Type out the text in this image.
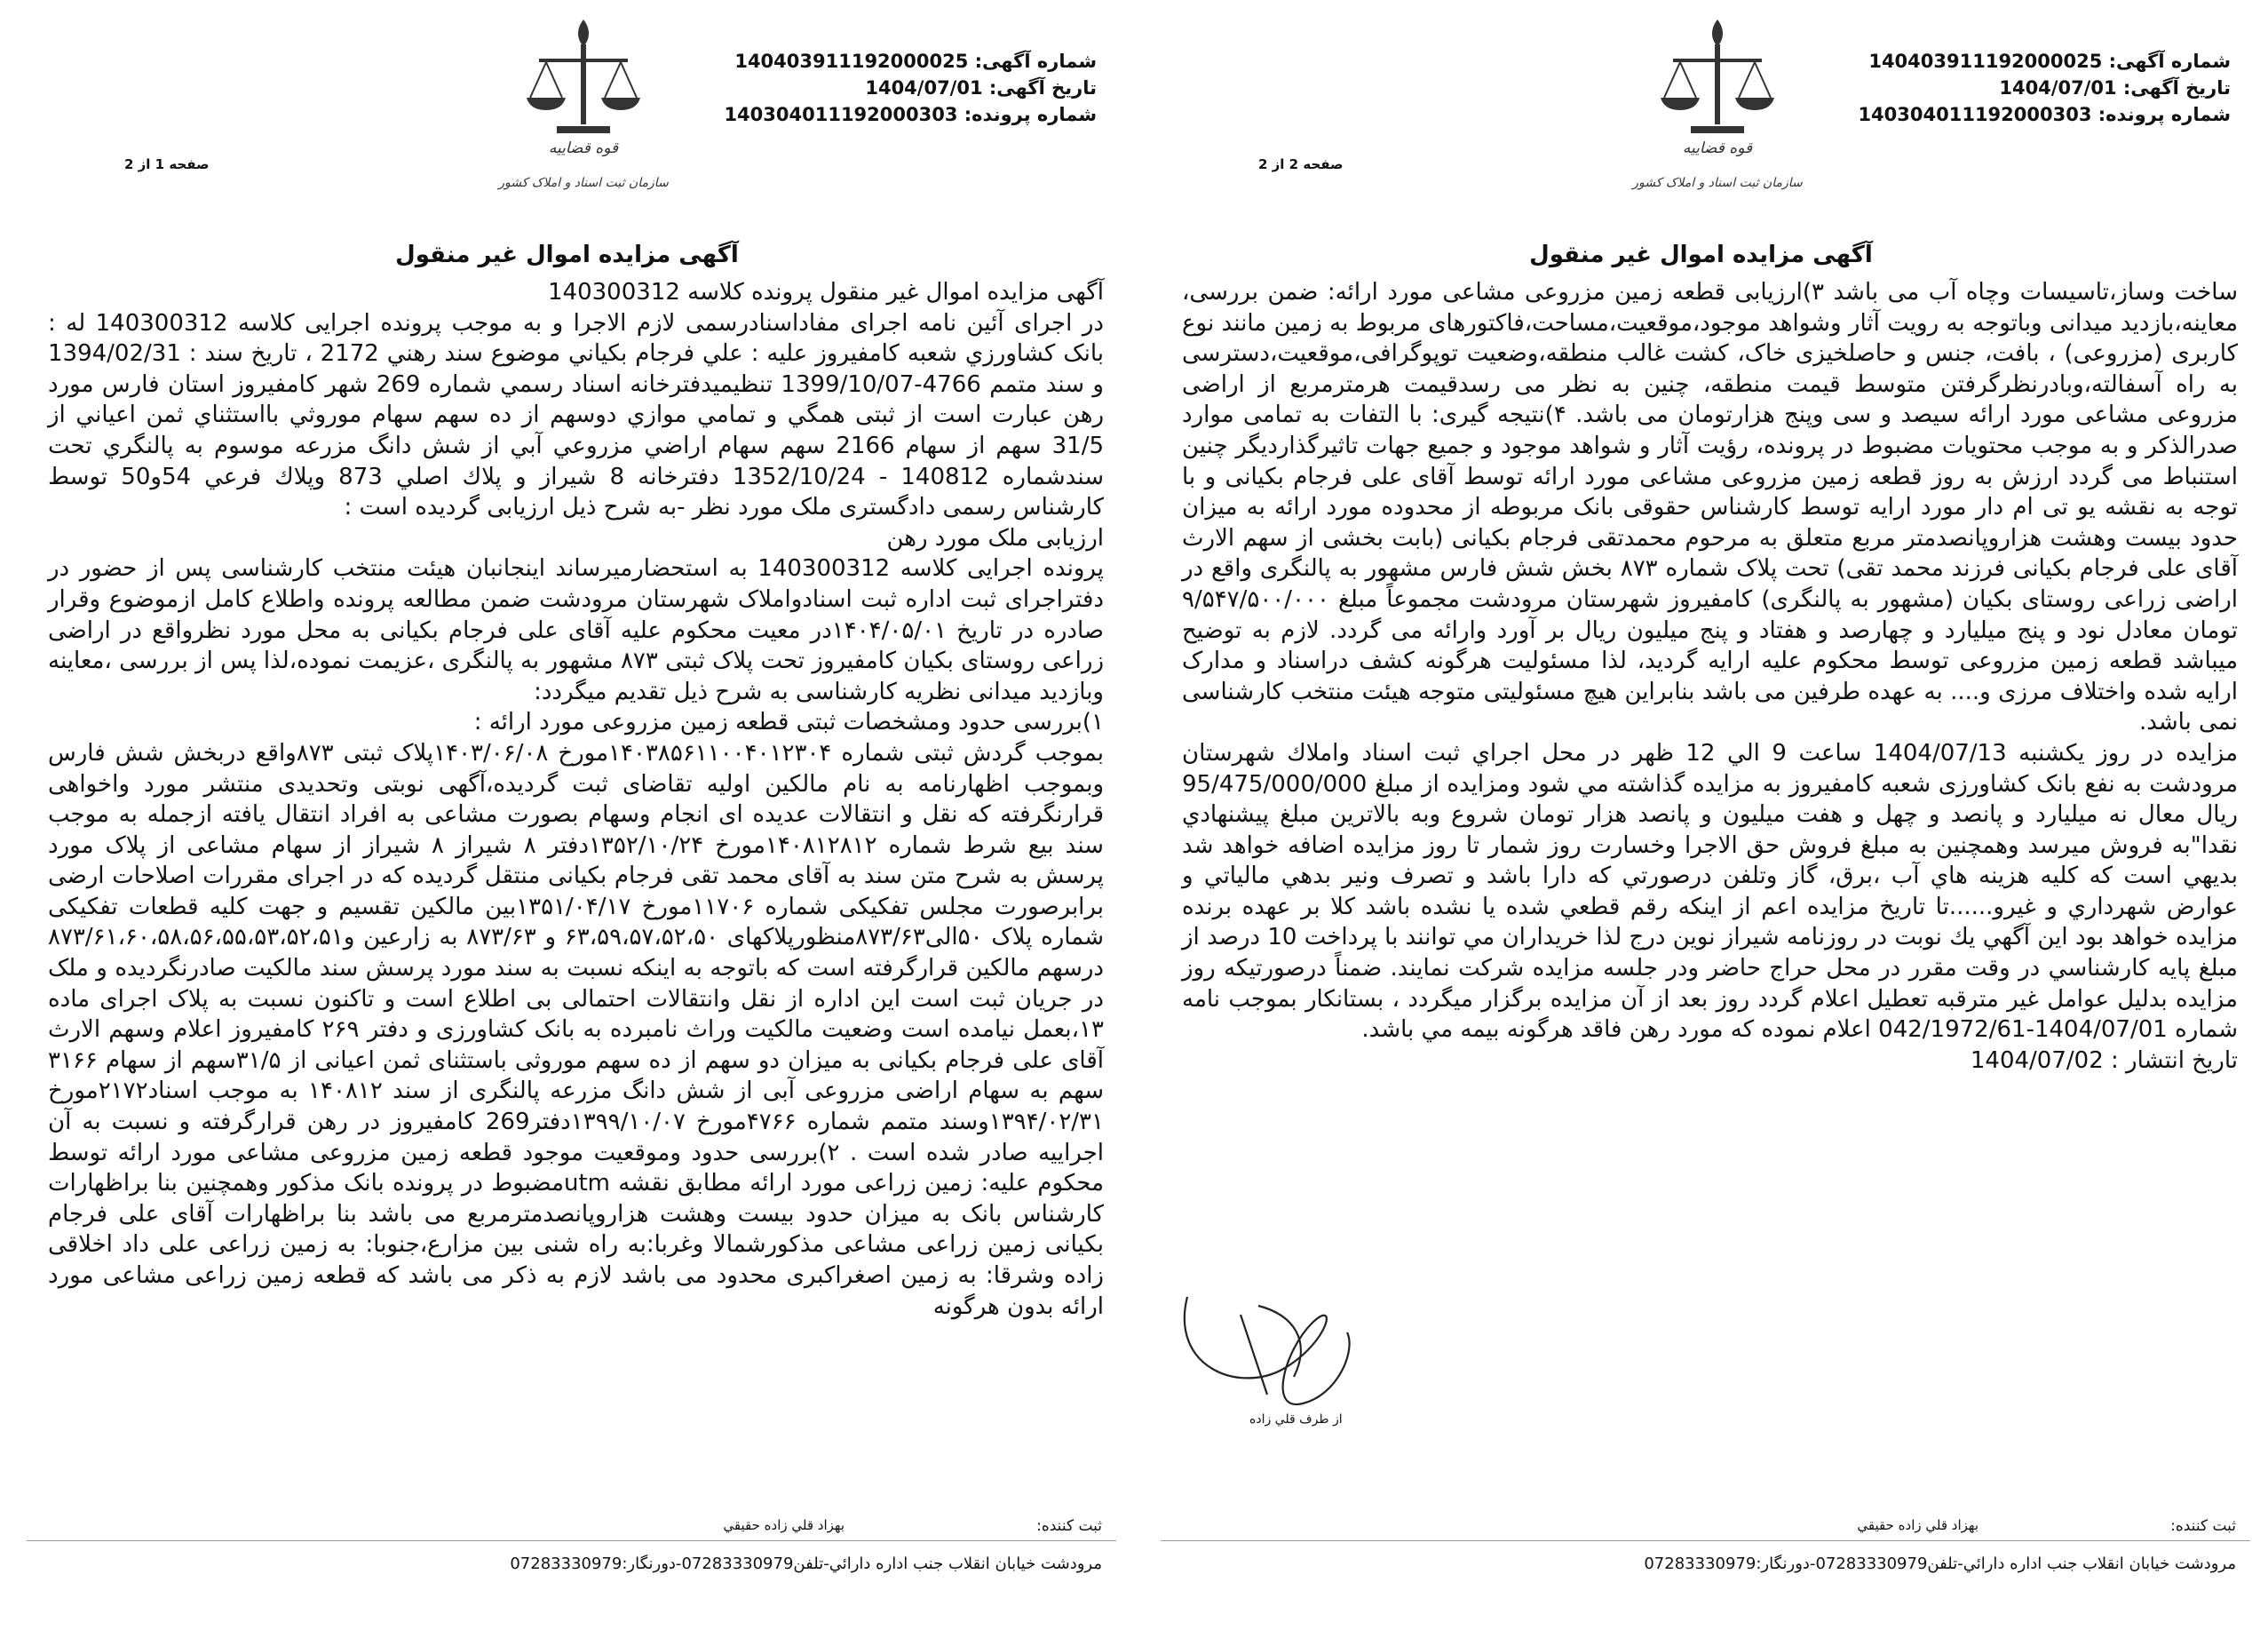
شماره آگهی: 140403911192000025
تاریخ آگهی: 1404/07/01
شماره پرونده: 140304011192000303
قوه قضاییه
سازمان ثبت اسناد و املاک کشور
صفحه 1 از 2
آگهی مزایده اموال غیر منقول

آگهی مزایده اموال غیر منقول پرونده کلاسه 140300312

در اجرای آئین نامه اجرای مفاداسنادرسمی لازم الاجرا و به موجب پرونده اجرایی کلاسه 140300312 له : بانک کشاورزي شعبه کامفیروز علیه : علي فرجام بکياني موضوع سند رهني 2172 ، تاریخ سند : 1394/02/31 و سند متمم 4766-1399/10/07 تنظیمیدفترخانه اسناد رسمي شماره 269 شهر کامفیروز استان فارس مورد رهن عبارت است از ثبتی همگي و تمامي موازي دوسهم از ده سهم سهام موروثي بااستثناي ثمن اعياني از 31/5 سهم از سهام 2166 سهم سهام اراضي مزروعي آبي از شش دانگ مزرعه موسوم به پالنگري تحت سندشماره 140812 - 1352/10/24 دفترخانه 8 شیراز و پلاك اصلي 873 وپلاك فرعي 54و50 توسط کارشناس رسمی دادگستری ملک مورد نظر -به شرح ذیل ارزیابی گردیده است :

ارزيابی ملک مورد رهن

پرونده اجرایی کلاسه 140300312 به استحضارمیرساند اینجانبان هیئت منتخب کارشناسی پس از حضور در دفتراجرای ثبت اداره ثبت اسنادواملاک شهرستان مرودشت ضمن مطالعه پرونده واطلاع کامل ازموضوع وقرار صادره در تاریخ ۱۴۰۴/۰۵/۰۱در معیت محکوم علیه آقای علی فرجام بکیانی به محل مورد نظرواقع در اراضی زراعی روستای بکیان کامفیروز تحت پلاک ثبتی ۸۷۳ مشهور به پالنگری ،عزیمت نموده،لذا پس از بررسی ،معاینه وبازدید میدانی نظریه کارشناسی به شرح ذیل تقدیم میگردد:

۱)بررسی حدود ومشخصات ثبتی قطعه زمین مزروعی مورد ارائه :

بموجب گردش ثبتی شماره ۱۴۰۳۸۵۶۱۱۰۰۴۰۱۲۳۰۴مورخ ۱۴۰۳/۰۶/۰۸پلاک ثبتی ۸۷۳واقع دربخش شش فارس وبموجب اظهارنامه به نام مالکین اولیه تقاضای ثبت گردیده،آگهی نوبتی وتحدیدی منتشر مورد واخواهی قرارنگرفته که نقل و انتقالات عدیده ای انجام وسهام بصورت مشاعی به افراد انتقال یافته ازجمله به موجب سند بیع شرط شماره ۱۴۰۸۱۲۸۱۲مورخ ۱۳۵۲/۱۰/۲۴دفتر ۸ شیراز ۸ شیراز از سهام مشاعی از پلاک مورد پرسش به شرح متن سند به آقای محمد تقی فرجام بکیانی منتقل گردیده که در اجرای مقررات اصلاحات ارضی برابرصورت مجلس تفکیکی شماره ۱۱۷۰۶مورخ ۱۳۵۱/۰۴/۱۷بین مالکین تقسیم و جهت کلیه قطعات تفکیکی شماره پلاک ۵۰الی۸۷۳/۶۳منظورپلاکهای ۶۳،۵۹،۵۷،۵۲،۵۰ و ۸۷۳/۶۳ به زارعین و۸۷۳/۶۱،۶۰،۵۸،۵۶،۵۵،۵۳،۵۲،۵۱ درسهم مالکین قرارگرفته است که باتوجه به اینکه نسبت به سند مورد پرسش سند مالکیت صادرنگردیده و ملک در جریان ثبت است این اداره از نقل وانتقالات احتمالی بی اطلاع است و تاکنون نسبت به پلاک اجرای ماده ۱۳،بعمل نیامده است وضعیت مالکیت وراث نامبرده به بانک کشاورزی و دفتر ۲۶۹ کامفیروز اعلام وسهم الارث آقای علی فرجام بکیانی به میزان دو سهم از ده سهم موروثی باستثنای ثمن اعیانی از ۳۱/۵سهم از سهام ۳۱۶۶ سهم به سهام اراضی مزروعی آبی از شش دانگ مزرعه پالنگری از سند ۱۴۰۸۱۲ به موجب اسناد۲۱۷۲مورخ ۱۳۹۴/۰۲/۳۱وسند متمم شماره ۴۷۶۶مورخ ۱۳۹۹/۱۰/۰۷دفتر269 کامفیروز در رهن قرارگرفته و نسبت به آن اجراییه صادر شده است . ۲)بررسی حدود وموقعیت موجود قطعه زمین مزروعی مشاعی مورد ارائه توسط محکوم علیه: زمین زراعی مورد ارائه مطابق نقشه utmمضبوط در پرونده بانک مذکور وهمچنین بنا براظهارات کارشناس بانک به میزان حدود بیست وهشت هزاروپانصدمترمربع می باشد بنا براظهارات آقای علی فرجام بکیانی زمین زراعی مشاعی مذکورشمالا وغربا:به راه شنی بین مزارع،جنوبا: به زمین زراعی علی داد اخلاقی زاده وشرقا: به زمین اصغراکبری محدود می باشد لازم به ذکر می باشد که قطعه زمین زراعی مشاعی مورد ارائه بدون هرگونه

ثبت کننده:
بهزاد قلي زاده حقيقي
مرودشت خيابان انقلاب جنب اداره دارائي-تلفن07283330979-دورنگار:07283330979
شماره آگهی: 140403911192000025
تاریخ آگهی: 1404/07/01
شماره پرونده: 140304011192000303
قوه قضاییه
سازمان ثبت اسناد و املاک کشور
صفحه 2 از 2
آگهی مزایده اموال غیر منقول

ساخت وساز،تاسیسات وچاه آب می باشد ۳)ارزیابی قطعه زمین مزروعی مشاعی مورد ارائه: ضمن بررسی، معاینه،بازدید میدانی وباتوجه به رویت آثار وشواهد موجود،موقعیت،مساحت،فاکتورهای مربوط به زمین مانند نوع کاربری (مزروعی) ، بافت، جنس و حاصلخیزی خاک، کشت غالب منطقه،وضعیت توپوگرافی،موقعیت،دسترسی به راه آسفالته،وبادرنظرگرفتن متوسط قیمت منطقه، چنین به نظر می رسدقیمت هرمترمربع از اراضی مزروعی مشاعی مورد ارائه سیصد و سی وپنج هزارتومان می باشد. ۴)نتیجه گیری: با التفات به تمامی موارد صدرالذکر و به موجب محتویات مضبوط در پرونده، رؤیت آثار و شواهد موجود و جمیع جهات تاثیرگذاردیگر چنین استنباط می گردد ارزش به روز قطعه زمین مزروعی مشاعی مورد ارائه توسط آقای علی فرجام بکیانی و با توجه به نقشه یو تی ام دار مورد ارایه توسط کارشناس حقوقی بانک مربوطه از محدوده مورد ارائه به میزان حدود بیست وهشت هزاروپانصدمتر مربع متعلق به مرحوم محمدتقی فرجام بکیانی (بابت بخشی از سهم الارث آقای علی فرجام بکیانی فرزند محمد تقی) تحت پلاک شماره ۸۷۳ بخش شش فارس مشهور به پالنگری واقع در اراضی زراعی روستای بکیان (مشهور به پالنگری) کامفیروز شهرستان مرودشت مجموعاً مبلغ ۹/۵۴۷/۵۰۰/۰۰۰ تومان معادل نود و پنج میلیارد و چهارصد و هفتاد و پنج میلیون ریال بر آورد وارائه می گردد. لازم به توضیح میباشد قطعه زمین مزروعی توسط محکوم علیه ارایه گردید، لذا مسئولیت هرگونه کشف دراسناد و مدارک ارایه شده واختلاف مرزی و.... به عهده طرفین می باشد بنابراین هیچ مسئولیتی متوجه هیئت منتخب کارشناسی نمی باشد.

مزایده در روز يكشنبه 1404/07/13 ساعت 9 الي 12 ظهر در محل اجراي ثبت اسناد واملاك شهرستان مرودشت به نفع بانک کشاورزی شعبه کامفیروز به مزایده گذاشته مي شود ومزایده از مبلغ 95/475/000/000 ريال معال نه ميليارد و پانصد و چهل و هفت ميليون و پانصد هزار تومان شروع وبه بالاترين مبلغ پيشنهادي نقدا"به فروش ميرسد وهمچنين به مبلغ فروش حق الاجرا وخسارت روز شمار تا روز مزايده اضافه خواهد شد بديهي است كه كليه هزينه هاي آب ،برق، گاز وتلفن درصورتي كه دارا باشد و تصرف ونير بدهي مالياتي و عوارض شهرداري و غيرو......تا تاريخ مزايده اعم از اينكه رقم قطعي شده يا نشده باشد كلا بر عهده برنده مزايده خواهد بود اين آگهي يك نوبت در روزنامه شيراز نوين درج لذا خريداران مي توانند با پرداخت 10 درصد از مبلغ پايه كارشناسي در وقت مقرر در محل حراج حاضر ودر جلسه مزايده شركت نمايند. ضمناً درصورتيكه روز مزايده بدليل عوامل غير مترقبه تعطيل اعلام گردد روز بعد از آن مزايده برگزار ميگردد ، بستانكار بموجب نامه شماره 1404/07/01-042/1972/61 اعلام نموده كه مورد رهن فاقد هرگونه بيمه مي باشد.

تاریخ انتشار : 1404/07/02

از طرف قلي زاده
ثبت کننده:
بهزاد قلي زاده حقيقي
مرودشت خيابان انقلاب جنب اداره دارائي-تلفن07283330979-دورنگار:07283330979
